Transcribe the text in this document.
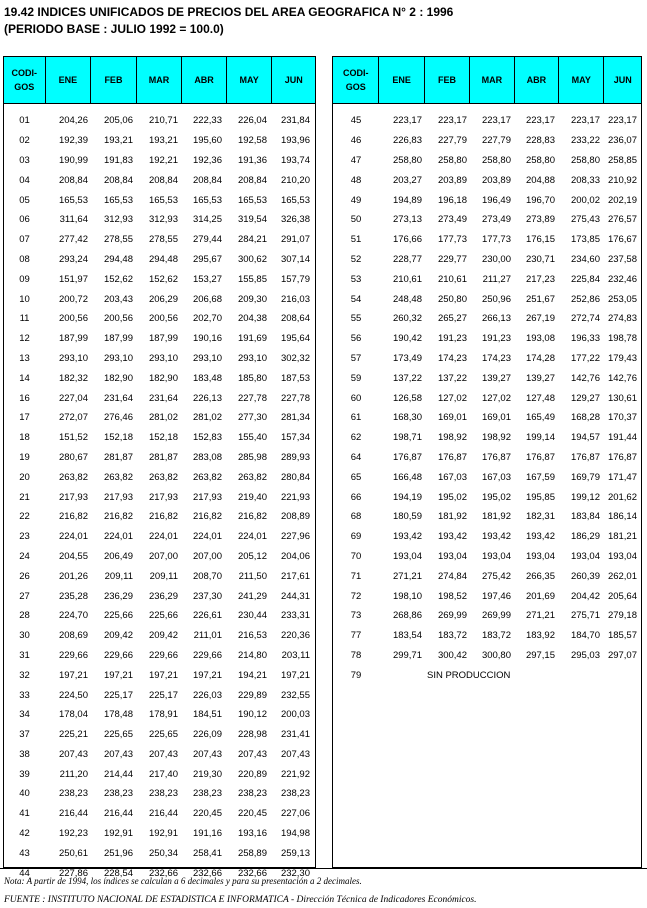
19.42 INDICES UNIFICADOS DE PRECIOS DEL AREA GEOGRAFICA N° 2 : 1996
(PERIODO BASE : JULIO 1992 = 100.0)
CODI-
GOS
ENE	FEB	MAR	ABR	MAY	JUN
01	204,26	205,06	210,71	222,33	226,04	231,84
02	192,39	193,21	193,21	195,60	192,58	193,96
03	190,99	191,83	192,21	192,36	191,36	193,74
04	208,84	208,84	208,84	208,84	208,84	210,20
05	165,53	165,53	165,53	165,53	165,53	165,53
06	311,64	312,93	312,93	314,25	319,54	326,38
07	277,42	278,55	278,55	279,44	284,21	291,07
08	293,24	294,48	294,48	295,67	300,62	307,14
09	151,97	152,62	152,62	153,27	155,85	157,79
10	200,72	203,43	206,29	206,68	209,30	216,03
11	200,56	200,56	200,56	202,70	204,38	208,64
12	187,99	187,99	187,99	190,16	191,69	195,64
13	293,10	293,10	293,10	293,10	293,10	302,32
14	182,32	182,90	182,90	183,48	185,80	187,53
16	227,04	231,64	231,64	226,13	227,78	227,78
17	272,07	276,46	281,02	281,02	277,30	281,34
18	151,52	152,18	152,18	152,83	155,40	157,34
19	280,67	281,87	281,87	283,08	285,98	289,93
20	263,82	263,82	263,82	263,82	263,82	280,84
21	217,93	217,93	217,93	217,93	219,40	221,93
22	216,82	216,82	216,82	216,82	216,82	208,89
23	224,01	224,01	224,01	224,01	224,01	227,96
24	204,55	206,49	207,00	207,00	205,12	204,06
26	201,26	209,11	209,11	208,70	211,50	217,61
27	235,28	236,29	236,29	237,30	241,29	244,31
28	224,70	225,66	225,66	226,61	230,44	233,31
30	208,69	209,42	209,42	211,01	216,53	220,36
31	229,66	229,66	229,66	229,66	214,80	203,11
32	197,21	197,21	197,21	197,21	194,21	197,21
33	224,50	225,17	225,17	226,03	229,89	232,55
34	178,04	178,48	178,91	184,51	190,12	200,03
37	225,21	225,65	225,65	226,09	228,98	231,41
38	207,43	207,43	207,43	207,43	207,43	207,43
39	211,20	214,44	217,40	219,30	220,89	221,92
40	238,23	238,23	238,23	238,23	238,23	238,23
41	216,44	216,44	216,44	220,45	220,45	227,06
42	192,23	192,91	192,91	191,16	193,16	194,98
43	250,61	251,96	250,34	258,41	258,89	259,13
44	227,86	228,54	232,66	232,66	232,66	232,30
CODI-
GOS
ENE	FEB	MAR	ABR	MAY	JUN
45	223,17	223,17	223,17	223,17	223,17 223,17
46	226,83	227,79	227,79	228,83	233,22 236,07
47	258,80	258,80	258,80	258,80	258,80 258,85
48	203,27	203,89	203,89	204,88	208,33 210,92
49	194,89	196,18	196,49	196,70	200,02 202,19
50	273,13	273,49	273,49	273,89	275,43 276,57
51	176,66	177,73	177,73	176,15	173,85 176,67
52	228,77	229,77	230,00	230,71	234,60 237,58
53	210,61	210,61	211,27	217,23	225,84 232,46
54	248,48	250,80	250,96	251,67	252,86 253,05
55	260,32	265,27	266,13	267,19	272,74 274,83
56	190,42	191,23	191,23	193,08	196,33 198,78
57	173,49	174,23	174,23	174,28	177,22 179,43
59	137,22	137,22	139,27	139,27	142,76 142,76
60	126,58	127,02	127,02	127,48	129,27 130,61
61	168,30	169,01	169,01	165,49	168,28 170,37
62	198,71	198,92	198,92	199,14	194,57 191,44
64	176,87	176,87	176,87	176,87	176,87 176,87
65	166,48	167,03	167,03	167,59	169,79 171,47
66	194,19	195,02	195,02	195,85	199,12 201,62
68	180,59	181,92	181,92	182,31	183,84 186,14
69	193,42	193,42	193,42	193,42	186,29 181,21
70	193,04	193,04	193,04	193,04	193,04 193,04
71	271,21	274,84	275,42	266,35	260,39 262,01
72	198,10	198,52	197,46	201,69	204,42 205,64
73	268,86	269,99	269,99	271,21	275,71 279,18
77	183,54	183,72	183,72	183,92	184,70 185,57
78	299,71	300,42	300,80	297,15	295,03 297,07
79	SIN PRODUCCION
Nota: A partir de 1994, los índices se calculan a 6 decimales y para su presentación a 2 decimales.
FUENTE : INSTITUTO NACIONAL DE ESTADISTICA E INFORMATICA - Dirección Técnica de Indicadores Económicos.
